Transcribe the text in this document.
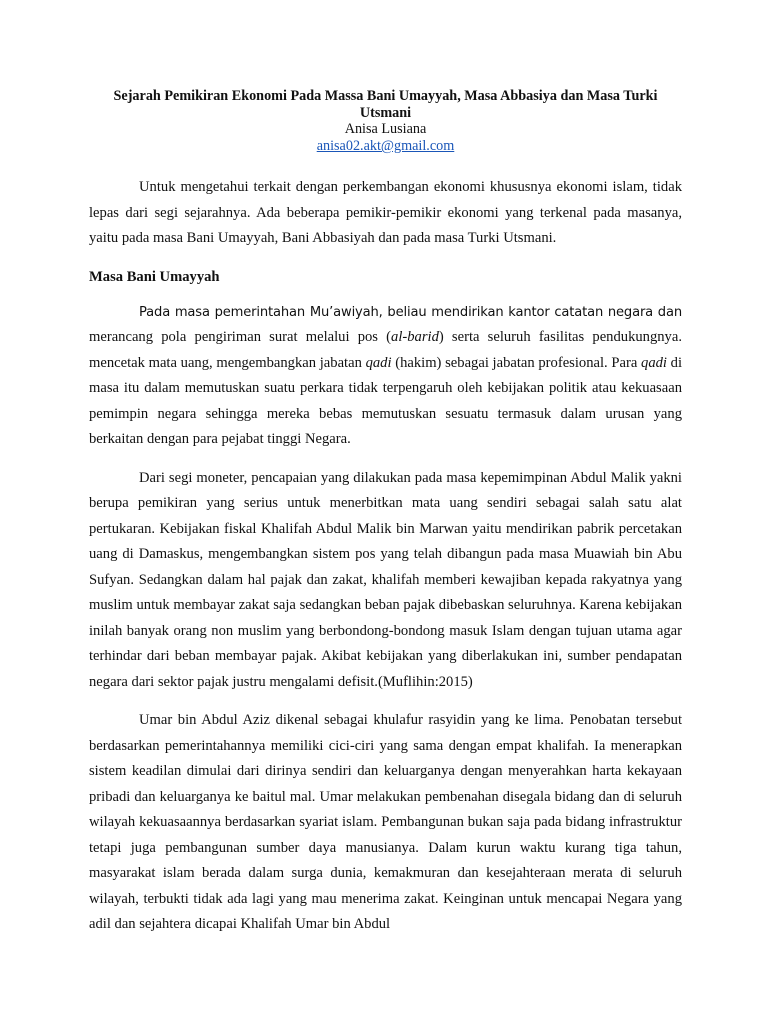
Sejarah Pemikiran Ekonomi Pada Massa Bani Umayyah, Masa Abbasiya dan Masa Turki Utsmani

Anisa Lusiana

anisa02.akt@gmail.com

Untuk mengetahui terkait dengan perkembangan ekonomi khususnya ekonomi islam, tidak lepas dari segi sejarahnya. Ada beberapa pemikir-pemikir ekonomi yang terkenal pada masanya, yaitu pada masa Bani Umayyah, Bani Abbasiyah dan pada masa Turki Utsmani.

Masa Bani Umayyah

Pada masa pemerintahan Mu’awiyah, beliau mendirikan kantor catatan negara dan merancang pola pengiriman surat melalui pos (al-barid) serta seluruh fasilitas pendukungnya. mencetak mata uang, mengembangkan jabatan qadi (hakim) sebagai jabatan profesional. Para qadi di masa itu dalam memutuskan suatu perkara tidak terpengaruh oleh kebijakan politik atau kekuasaan pemimpin negara sehingga mereka bebas memutuskan sesuatu termasuk dalam urusan yang berkaitan dengan para pejabat tinggi Negara.

Dari segi moneter, pencapaian yang dilakukan pada masa kepemimpinan Abdul Malik yakni berupa pemikiran yang serius untuk menerbitkan mata uang sendiri sebagai salah satu alat pertukaran. Kebijakan fiskal Khalifah Abdul Malik bin Marwan yaitu mendirikan pabrik percetakan uang di Damaskus, mengembangkan sistem pos yang telah dibangun pada masa Muawiah bin Abu Sufyan. Sedangkan dalam hal pajak dan zakat, khalifah memberi kewajiban kepada rakyatnya yang muslim untuk membayar zakat saja sedangkan beban pajak dibebaskan seluruhnya. Karena kebijakan inilah banyak orang non muslim yang berbondong-bondong masuk Islam dengan tujuan utama agar terhindar dari beban membayar pajak. Akibat kebijakan yang diberlakukan ini, sumber pendapatan negara dari sektor pajak justru mengalami defisit.(Muflihin:2015)

Umar bin Abdul Aziz dikenal sebagai khulafur rasyidin yang ke lima. Penobatan tersebut berdasarkan pemerintahannya memiliki cici-ciri yang sama dengan empat khalifah. Ia menerapkan sistem keadilan dimulai dari dirinya sendiri dan keluarganya dengan menyerahkan harta kekayaan pribadi dan keluarganya ke baitul mal. Umar melakukan pembenahan disegala bidang dan di seluruh wilayah kekuasaannya berdasarkan syariat islam. Pembangunan bukan saja pada bidang infrastruktur tetapi juga pembangunan sumber daya manusianya. Dalam kurun waktu kurang tiga tahun, masyarakat islam berada dalam surga dunia, kemakmuran dan kesejahteraan merata di seluruh wilayah, terbukti tidak ada lagi yang mau menerima zakat. Keinginan untuk mencapai Negara yang adil dan sejahtera dicapai Khalifah Umar bin Abdul
